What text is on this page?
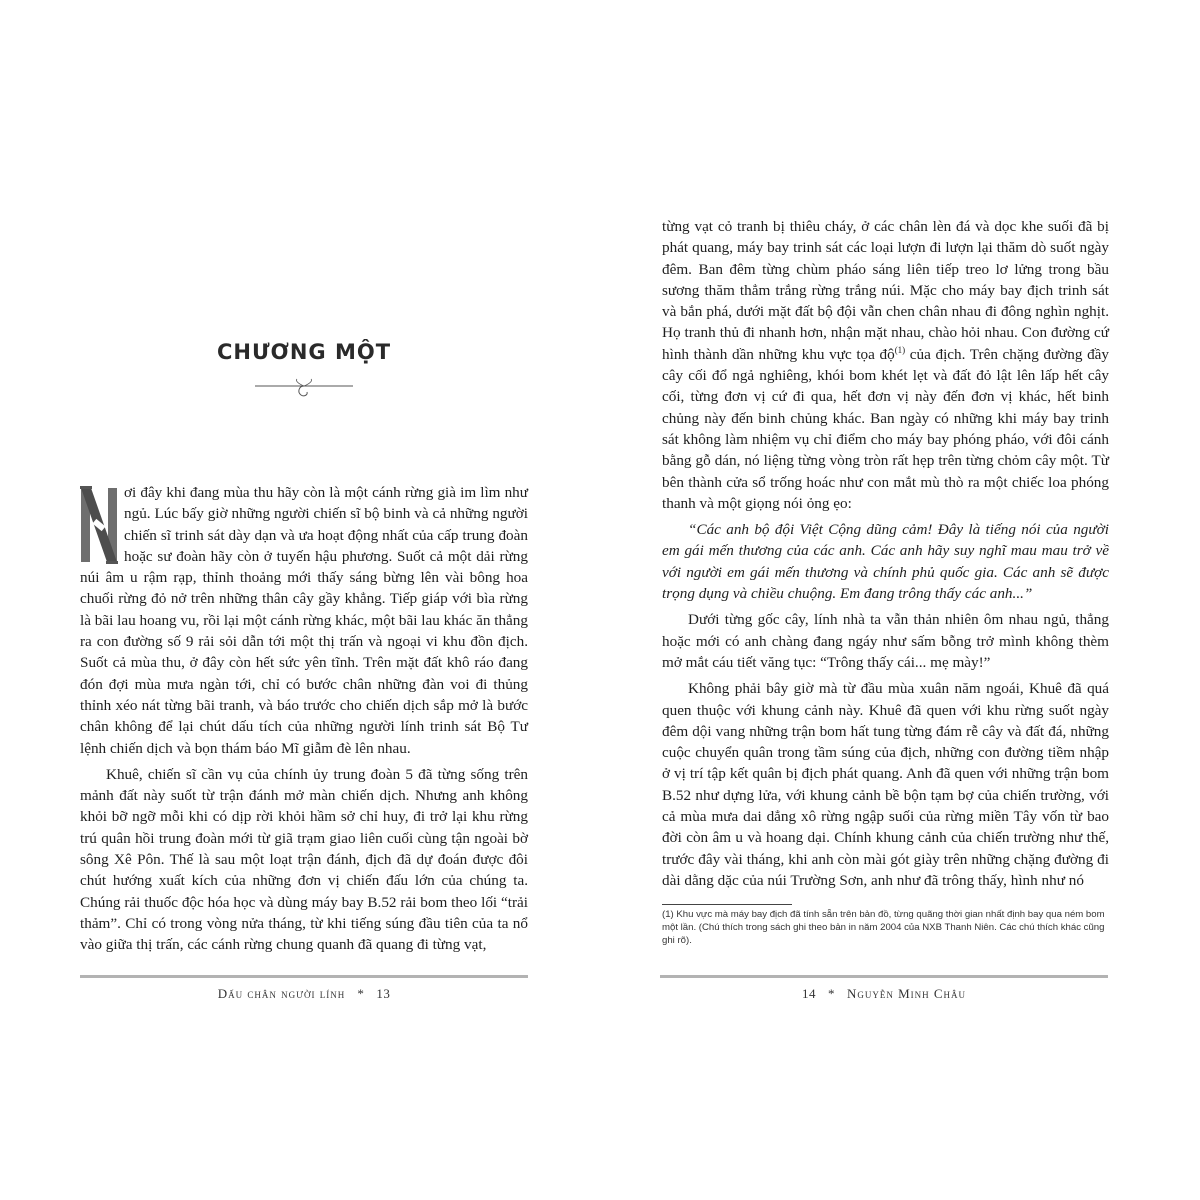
CHƯƠNG MỘT

ơi đây khi đang mùa thu hãy còn là một cánh rừng già im lìm như ngủ. Lúc bấy giờ những người chiến sĩ bộ binh và cả những người chiến sĩ trinh sát dày dạn và ưa hoạt động nhất của cấp trung đoàn hoặc sư đoàn hãy còn ở tuyến hậu phương. Suốt cả một dải rừng núi âm u rậm rạp, thỉnh thoảng mới thấy sáng bừng lên vài bông hoa chuối rừng đỏ nở trên những thân cây gầy khẳng. Tiếp giáp với bìa rừng là bãi lau hoang vu, rồi lại một cánh rừng khác, một bãi lau khác ăn thẳng ra con đường số 9 rải sỏi dẫn tới một thị trấn và ngoại vi khu đồn địch. Suốt cả mùa thu, ở đây còn hết sức yên tĩnh. Trên mặt đất khô ráo đang đón đợi mùa mưa ngàn tới, chỉ có bước chân những đàn voi đi thủng thỉnh xéo nát từng bãi tranh, và báo trước cho chiến dịch sắp mở là bước chân không để lại chút dấu tích của những người lính trinh sát Bộ Tư lệnh chiến dịch và bọn thám báo Mĩ giẫm đè lên nhau.

Khuê, chiến sĩ cần vụ của chính ủy trung đoàn 5 đã từng sống trên mảnh đất này suốt từ trận đánh mở màn chiến dịch. Nhưng anh không khỏi bỡ ngỡ mỗi khi có dịp rời khỏi hầm sở chỉ huy, đi trở lại khu rừng trú quân hồi trung đoàn mới từ giã trạm giao liên cuối cùng tận ngoài bờ sông Xê Pôn. Thế là sau một loạt trận đánh, địch đã dự đoán được đôi chút hướng xuất kích của những đơn vị chiến đấu lớn của chúng ta. Chúng rải thuốc độc hóa học và dùng máy bay B.52 rải bom theo lối “trải thảm”. Chỉ có trong vòng nửa tháng, từ khi tiếng súng đầu tiên của ta nổ vào giữa thị trấn, các cánh rừng chung quanh đã quang đi từng vạt,

Dấu chân người lính * 13

từng vạt cỏ tranh bị thiêu cháy, ở các chân lèn đá và dọc khe suối đã bị phát quang, máy bay trinh sát các loại lượn đi lượn lại thăm dò suốt ngày đêm. Ban đêm từng chùm pháo sáng liên tiếp treo lơ lửng trong bầu sương thăm thẳm trắng rừng trắng núi. Mặc cho máy bay địch trinh sát và bắn phá, dưới mặt đất bộ đội vẫn chen chân nhau đi đông nghìn nghịt. Họ tranh thủ đi nhanh hơn, nhận mặt nhau, chào hỏi nhau. Con đường cứ hình thành dần những khu vực tọa độ$^{(1)}$ của địch. Trên chặng đường đầy cây cối đổ ngả nghiêng, khói bom khét lẹt và đất đỏ lật lên lấp hết cây cối, từng đơn vị cứ đi qua, hết đơn vị này đến đơn vị khác, hết binh chủng này đến binh chủng khác. Ban ngày có những khi máy bay trinh sát không làm nhiệm vụ chỉ điểm cho máy bay phóng pháo, với đôi cánh bằng gỗ dán, nó liệng từng vòng tròn rất hẹp trên từng chỏm cây một. Từ bên thành cửa sổ trống hoác như con mắt mù thò ra một chiếc loa phóng thanh và một giọng nói ỏng ẹo:

“Các anh bộ đội Việt Cộng dũng cảm! Đây là tiếng nói của người em gái mến thương của các anh. Các anh hãy suy nghĩ mau mau trở về với người em gái mến thương và chính phủ quốc gia. Các anh sẽ được trọng dụng và chiều chuộng. Em đang trông thấy các anh...”

Dưới từng gốc cây, lính nhà ta vẫn thản nhiên ôm nhau ngủ, thẳng hoặc mới có anh chàng đang ngáy như sấm bỗng trở mình không thèm mở mắt cáu tiết văng tục: “Trông thấy cái... mẹ mày!”

Không phải bây giờ mà từ đầu mùa xuân năm ngoái, Khuê đã quá quen thuộc với khung cảnh này. Khuê đã quen với khu rừng suốt ngày đêm dội vang những trận bom hất tung từng đám rễ cây và đất đá, những cuộc chuyển quân trong tầm súng của địch, những con đường tiềm nhập ở vị trí tập kết quân bị địch phát quang. Anh đã quen với những trận bom B.52 như dựng lửa, với khung cảnh bề bộn tạm bợ của chiến trường, với cả mùa mưa dai dẳng xô rừng ngập suối của rừng miền Tây vốn từ bao đời còn âm u và hoang dại. Chính khung cảnh của chiến trường như thế, trước đây vài tháng, khi anh còn mài gót giày trên những chặng đường đi dài dằng dặc của núi Trường Sơn, anh như đã trông thấy, hình như nó

(1) Khu vực mà máy bay địch đã tính sẵn trên bản đồ, từng quãng thời gian nhất định bay qua ném bom một lần. (Chú thích trong sách ghi theo bản in năm 2004 của NXB Thanh Niên. Các chú thích khác cũng ghi rõ).
14 * Nguyễn Minh Châu
